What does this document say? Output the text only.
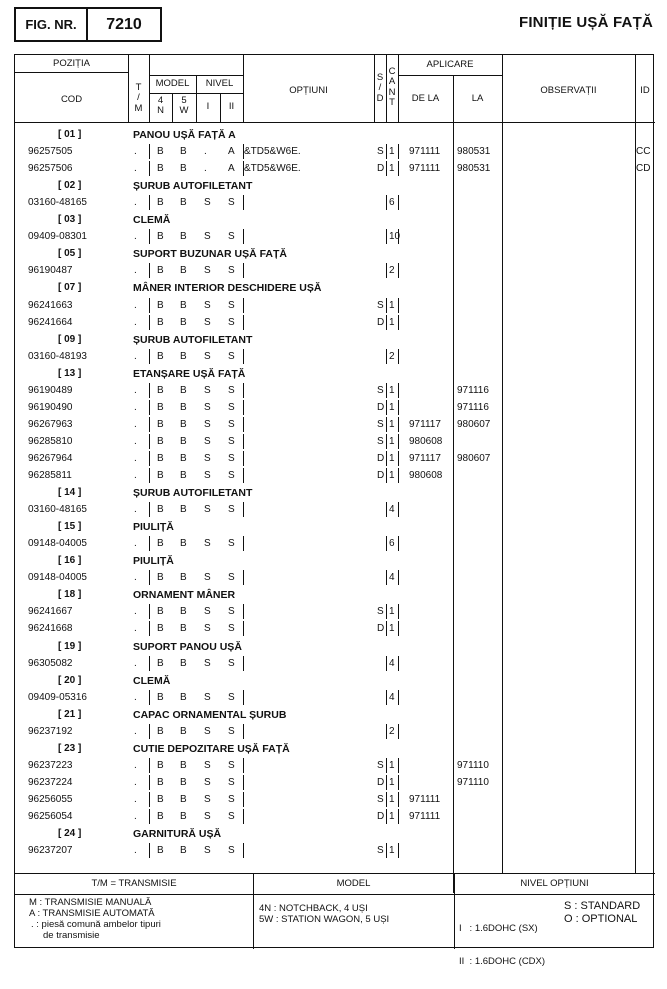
FIG. NR.	7210	FINIȚIE UȘĂ FAȚĂ
POZIȚIA
COD
T
/
M
MODEL
4
N
5
W
NIVEL
I	II
OPȚIUNI
S
/
D
C
A
N
T
APLICARE
DE LA	LA
OBSERVAȚII	ID
[ 01 ]	PANOU UȘĂ FAȚĂ A
96257505	. B B . A &TD5&W6E.	S 1 971111 980531	CC
96257506	. B B . A &TD5&W6E.	D 1 971111 980531	CD
[ 02 ]	ȘURUB AUTOFILETANT
03160-48165	. B B S S	6
[ 03 ]	CLEMĂ
09409-08301	. B B S S	10
[ 05 ]	SUPORT BUZUNAR UȘĂ FAȚĂ
96190487	. B B S S	2
[ 07 ]	MÂNER INTERIOR DESCHIDERE UȘĂ
96241663	. B B S S	S 1
96241664	. B B S S	D 1
[ 09 ]	ȘURUB AUTOFILETANT
03160-48193	. B B S S	2
[ 13 ]	ETANȘARE UȘĂ FAȚĂ
96190489	. B B S S	S 1	971116
96190490	. B B S S	D 1	971116
96267963	. B B S S	S 1 971117 980607
96285810	. B B S S	S 1 980608
96267964	. B B S S	D 1 971117 980607
96285811	. B B S S	D 1 980608
[ 14 ]	ȘURUB AUTOFILETANT
03160-48165	. B B S S	4
[ 15 ]	PIULIȚĂ
09148-04005	. B B S S	6
[ 16 ]	PIULIȚĂ
09148-04005	. B B S S	4
[ 18 ]	ORNAMENT MÂNER
96241667	. B B S S	S 1
96241668	. B B S S	D 1
[ 19 ]	SUPORT PANOU UȘĂ
96305082	. B B S S	4
[ 20 ]	CLEMĂ
09409-05316	. B B S S	4
[ 21 ]	CAPAC ORNAMENTAL ȘURUB
96237192	. B B S S	2
[ 23 ]	CUTIE DEPOZITARE UȘĂ FAȚĂ
96237223	. B B S S	S 1	971110
96237224	. B B S S	D 1	971110
96256055	. B B S S	S 1 971111
96256054	. B B S S	D 1 971111
[ 24 ]	GARNITURĂ UȘĂ
96237207	. B B S S	S 1
T/M = TRANSMISIE
M : TRANSMISIE MANUALĂ
A : TRANSMISIE AUTOMATĂ
. : piesă comună ambelor tipuri
de transmisie
MODEL
4N : NOTCHBACK, 4 UȘI
5W : STATION WAGON, 5 UȘI
NIVEL OPȚIUNI

I   : 1.6DOHC (SX)

II  : 1.6DOHC (CDX)

S : STANDARD
O : OPTIONAL
